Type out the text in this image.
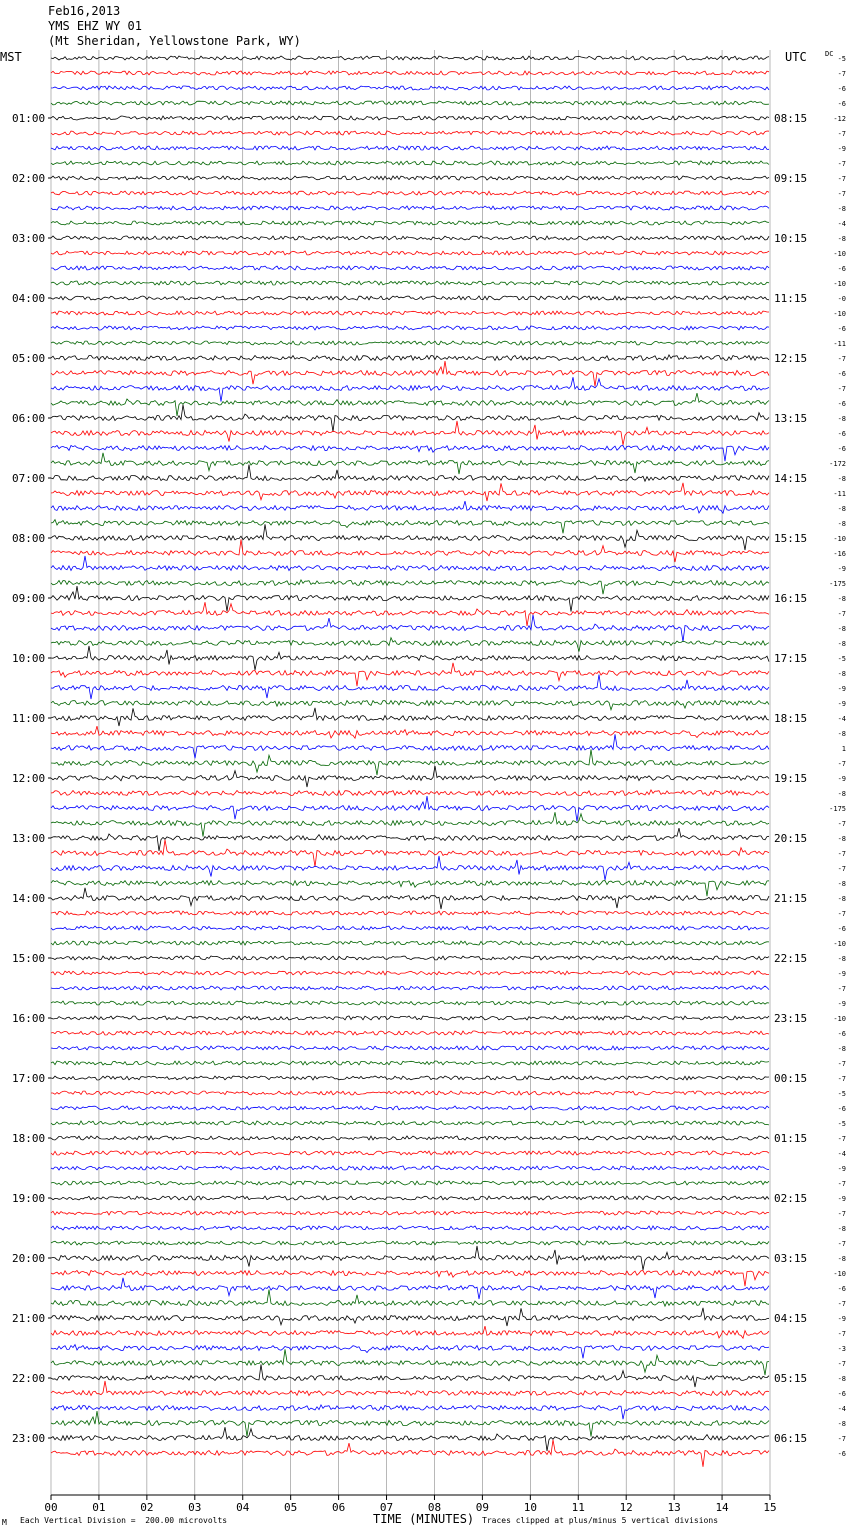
00	01	02	03	04	05	06	07	08	09	10	11	12	13	14	15
01:00
02:00
03:00
04:00
05:00
06:00
07:00
08:00
09:00
10:00
11:00
12:00
13:00
14:00
15:00
16:00
17:00
18:00
19:00
20:00
21:00
22:00
23:00
08:15
09:15
10:15
11:15
12:15
13:15
14:15
15:15
16:15
17:15
18:15
19:15
20:15
21:15
22:15
23:15
00:15
01:15
02:15
03:15
04:15
05:15
06:15
-5
-7
-6
-6
-12
-7
-9
-7
-7
-7
-8
-4
-8
-10
-6
-10
-0
-10
-6
-11
-7
-6
-7
-6
-8
-6
-6
-172
-8
-11
-8
-8
-10
-16
-9
-175
-8
-7
-8
-8
-5
-8
-9
-9
-4
-8
1
-7
-9
-8
-175
-7
-8
-7
-7
-8
-8
-7
-6
-10
-8
-9
-7
-9
-10
-6
-8
-7
-7
-5
-6
-5
-7
-4
-9
-7
-9
-7
-8
-7
-8
-10
-6
-7
-9
-7
-3
-7
-8
-6
-4
-8
-7
-6
Feb16,2013
YMS EHZ WY 01
(Mt Sheridan, Yellowstone Park, WY)
MST	UTC	DC
M Each Vertical Division =  200.00 microvolts	TIME (MINUTES) Traces clipped at plus/minus 5 vertical divisions
